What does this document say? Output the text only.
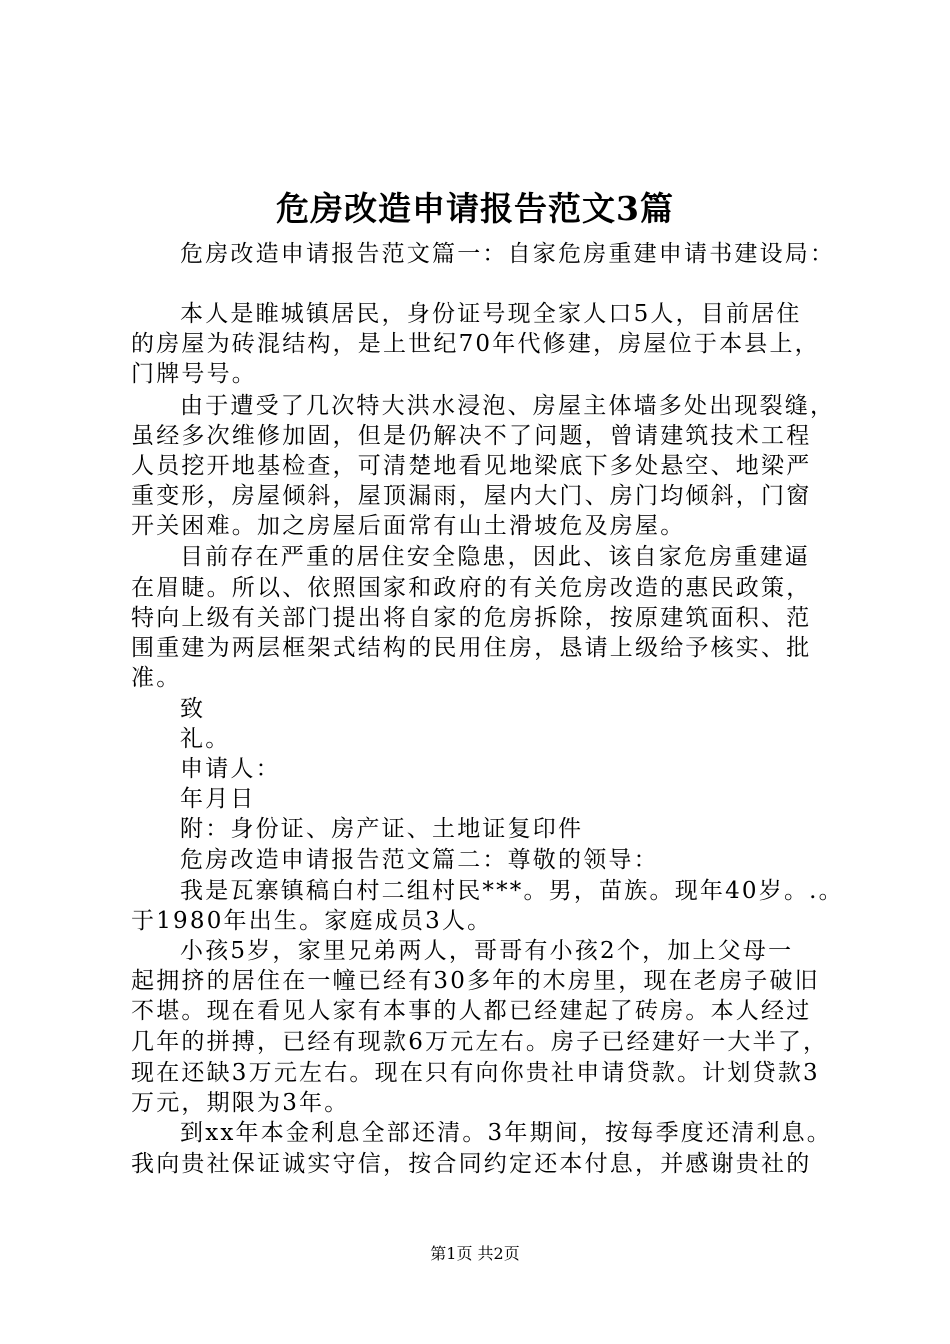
危房改造申请报告范文3篇
危房改造申请报告范文篇一：自家危房重建申请书建设局：
本人是睢城镇居民，身份证号现全家人口5人，目前居住
的房屋为砖混结构，是上世纪70年代修建，房屋位于本县上，
门牌号号。
由于遭受了几次特大洪水浸泡、房屋主体墙多处出现裂缝，
虽经多次维修加固，但是仍解决不了问题，曾请建筑技术工程
人员挖开地基检查，可清楚地看见地梁底下多处悬空、地梁严
重变形，房屋倾斜，屋顶漏雨，屋内大门、房门均倾斜，门窗
开关困难。加之房屋后面常有山土滑坡危及房屋。
目前存在严重的居住安全隐患，因此、该自家危房重建逼
在眉睫。所以、依照国家和政府的有关危房改造的惠民政策，
特向上级有关部门提出将自家的危房拆除，按原建筑面积、范
围重建为两层框架式结构的民用住房，恳请上级给予核实、批
准。
致
礼。
申请人：
年月日
附：身份证、房产证、土地证复印件
危房改造申请报告范文篇二：尊敬的领导：
我是瓦寨镇稿白村二组村民***。男，苗族。现年40岁。.。
于1980年出生。家庭成员3人。
小孩5岁，家里兄弟两人，哥哥有小孩2个，加上父母一
起拥挤的居住在一幢已经有30多年的木房里，现在老房子破旧
不堪。现在看见人家有本事的人都已经建起了砖房。本人经过
几年的拼搏，已经有现款6万元左右。房子已经建好一大半了，
现在还缺3万元左右。现在只有向你贵社申请贷款。计划贷款3
万元，期限为3年。
到xx年本金利息全部还清。3年期间，按每季度还清利息。
我向贵社保证诚实守信，按合同约定还本付息，并感谢贵社的
第1页 共2页
